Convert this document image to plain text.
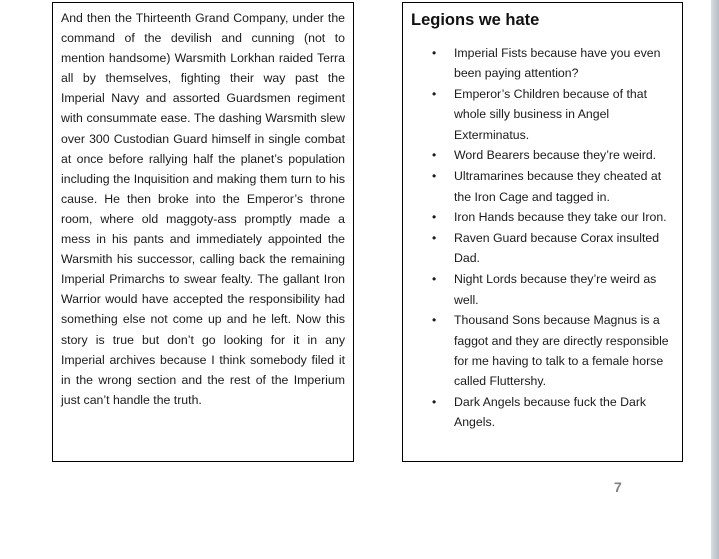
And then the Thirteenth Grand Company, under the command of the devilish and cunning (not to mention handsome) Warsmith Lorkhan raided Terra all by themselves, fighting their way past the Imperial Navy and assorted Guardsmen regiment with consummate ease. The dashing Warsmith slew over 300 Custodian Guard himself in single combat at once before rallying half the planet’s population including the Inquisition and making them turn to his cause. He then broke into the Emperor’s throne room, where old maggoty-ass promptly made a mess in his pants and immediately appointed the Warsmith his successor, calling back the remaining Imperial Primarchs to swear fealty. The gallant Iron Warrior would have accepted the responsibility had something else not come up and he left. Now this story is true but don’t go looking for it in any Imperial archives because I think somebody filed it in the wrong section and the rest of the Imperium just can’t handle the truth.

Legions we hate
• Imperial Fists because have you even been paying attention?
• Emperor’s Children because of that whole silly business in Angel Exterminatus.
• Word Bearers because they’re weird.
• Ultramarines because they cheated at the Iron Cage and tagged in.
• Iron Hands because they take our Iron.
• Raven Guard because Corax insulted Dad.
• Night Lords because they’re weird as well.
• Thousand Sons because Magnus is a faggot and they are directly responsible for me having to talk to a female horse called Fluttershy.
• Dark Angels because fuck the Dark Angels.
7
